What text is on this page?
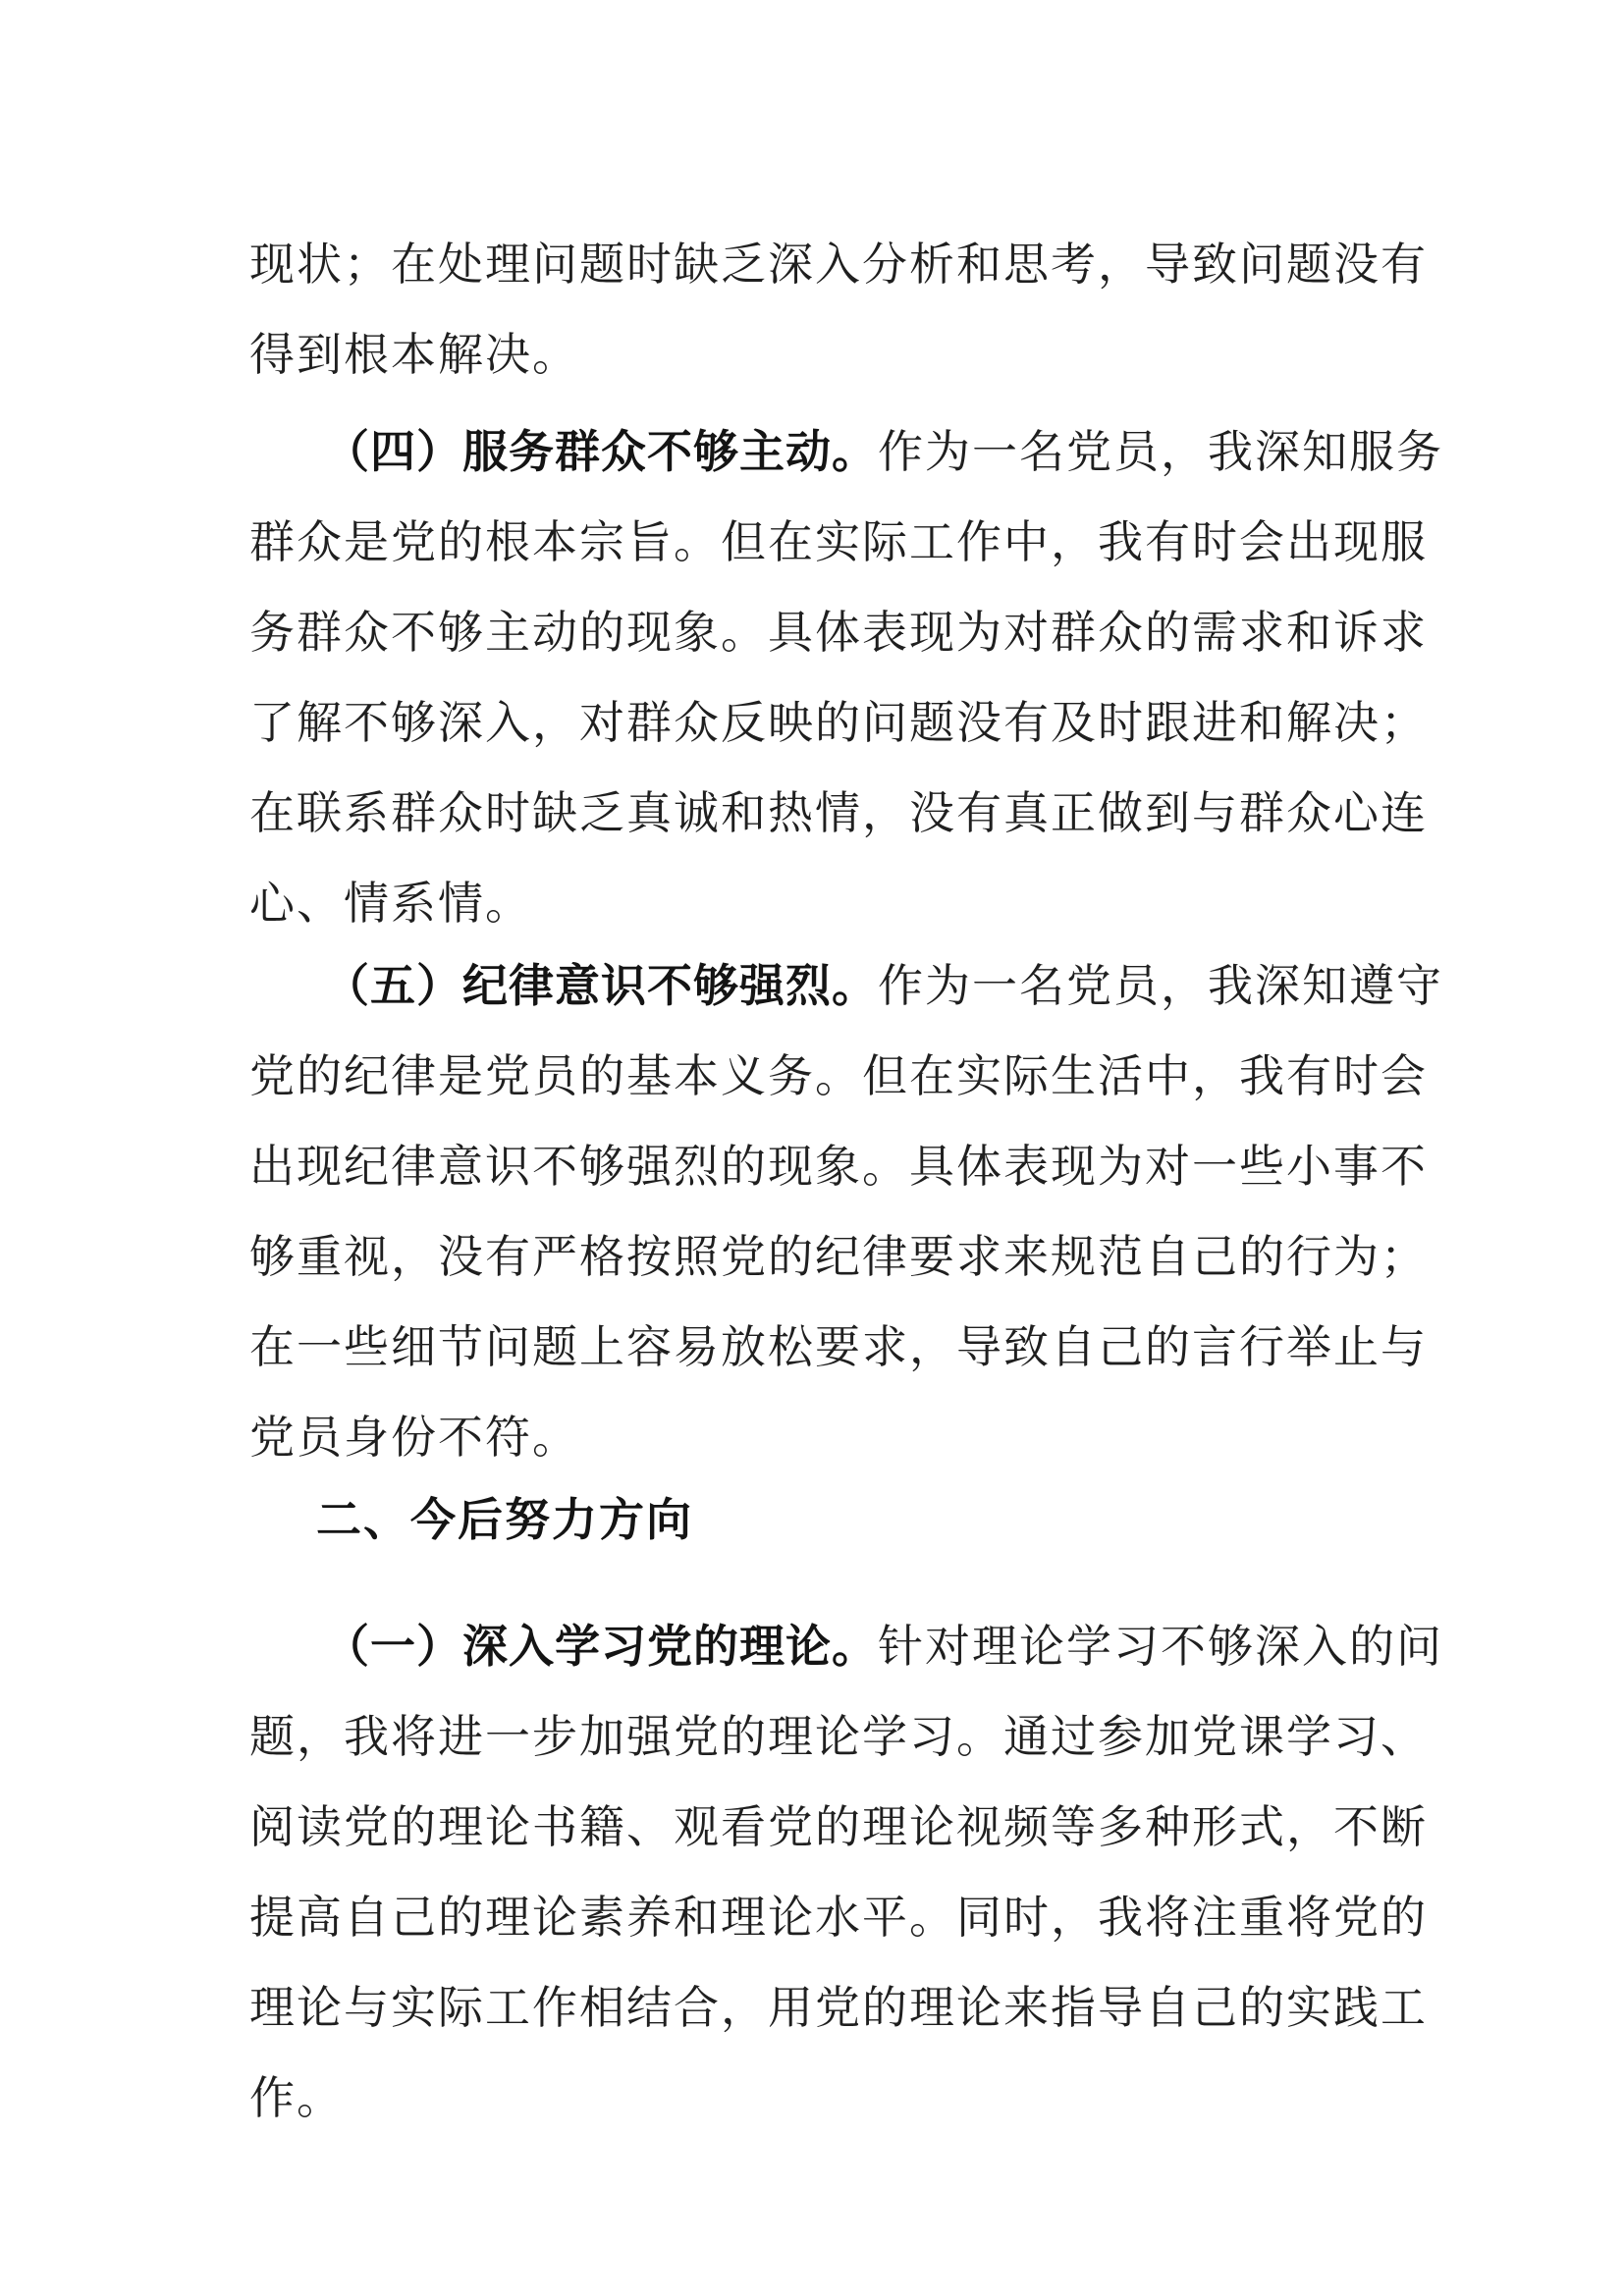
现状；在处理问题时缺乏深入分析和思考，导致问题没有
得到根本解决。
（四）服务群众不够主动。作为一名党员，我深知服务
群众是党的根本宗旨。但在实际工作中，我有时会出现服
务群众不够主动的现象。具体表现为对群众的需求和诉求
了解不够深入，对群众反映的问题没有及时跟进和解决；
在联系群众时缺乏真诚和热情，没有真正做到与群众心连
心、情系情。
（五）纪律意识不够强烈。作为一名党员，我深知遵守
党的纪律是党员的基本义务。但在实际生活中，我有时会
出现纪律意识不够强烈的现象。具体表现为对一些小事不
够重视，没有严格按照党的纪律要求来规范自己的行为；
在一些细节问题上容易放松要求，导致自己的言行举止与
党员身份不符。
二、今后努力方向
（一）深入学习党的理论。针对理论学习不够深入的问
题，我将进一步加强党的理论学习。通过参加党课学习、
阅读党的理论书籍、观看党的理论视频等多种形式，不断
提高自己的理论素养和理论水平。同时，我将注重将党的
理论与实际工作相结合，用党的理论来指导自己的实践工
作。
